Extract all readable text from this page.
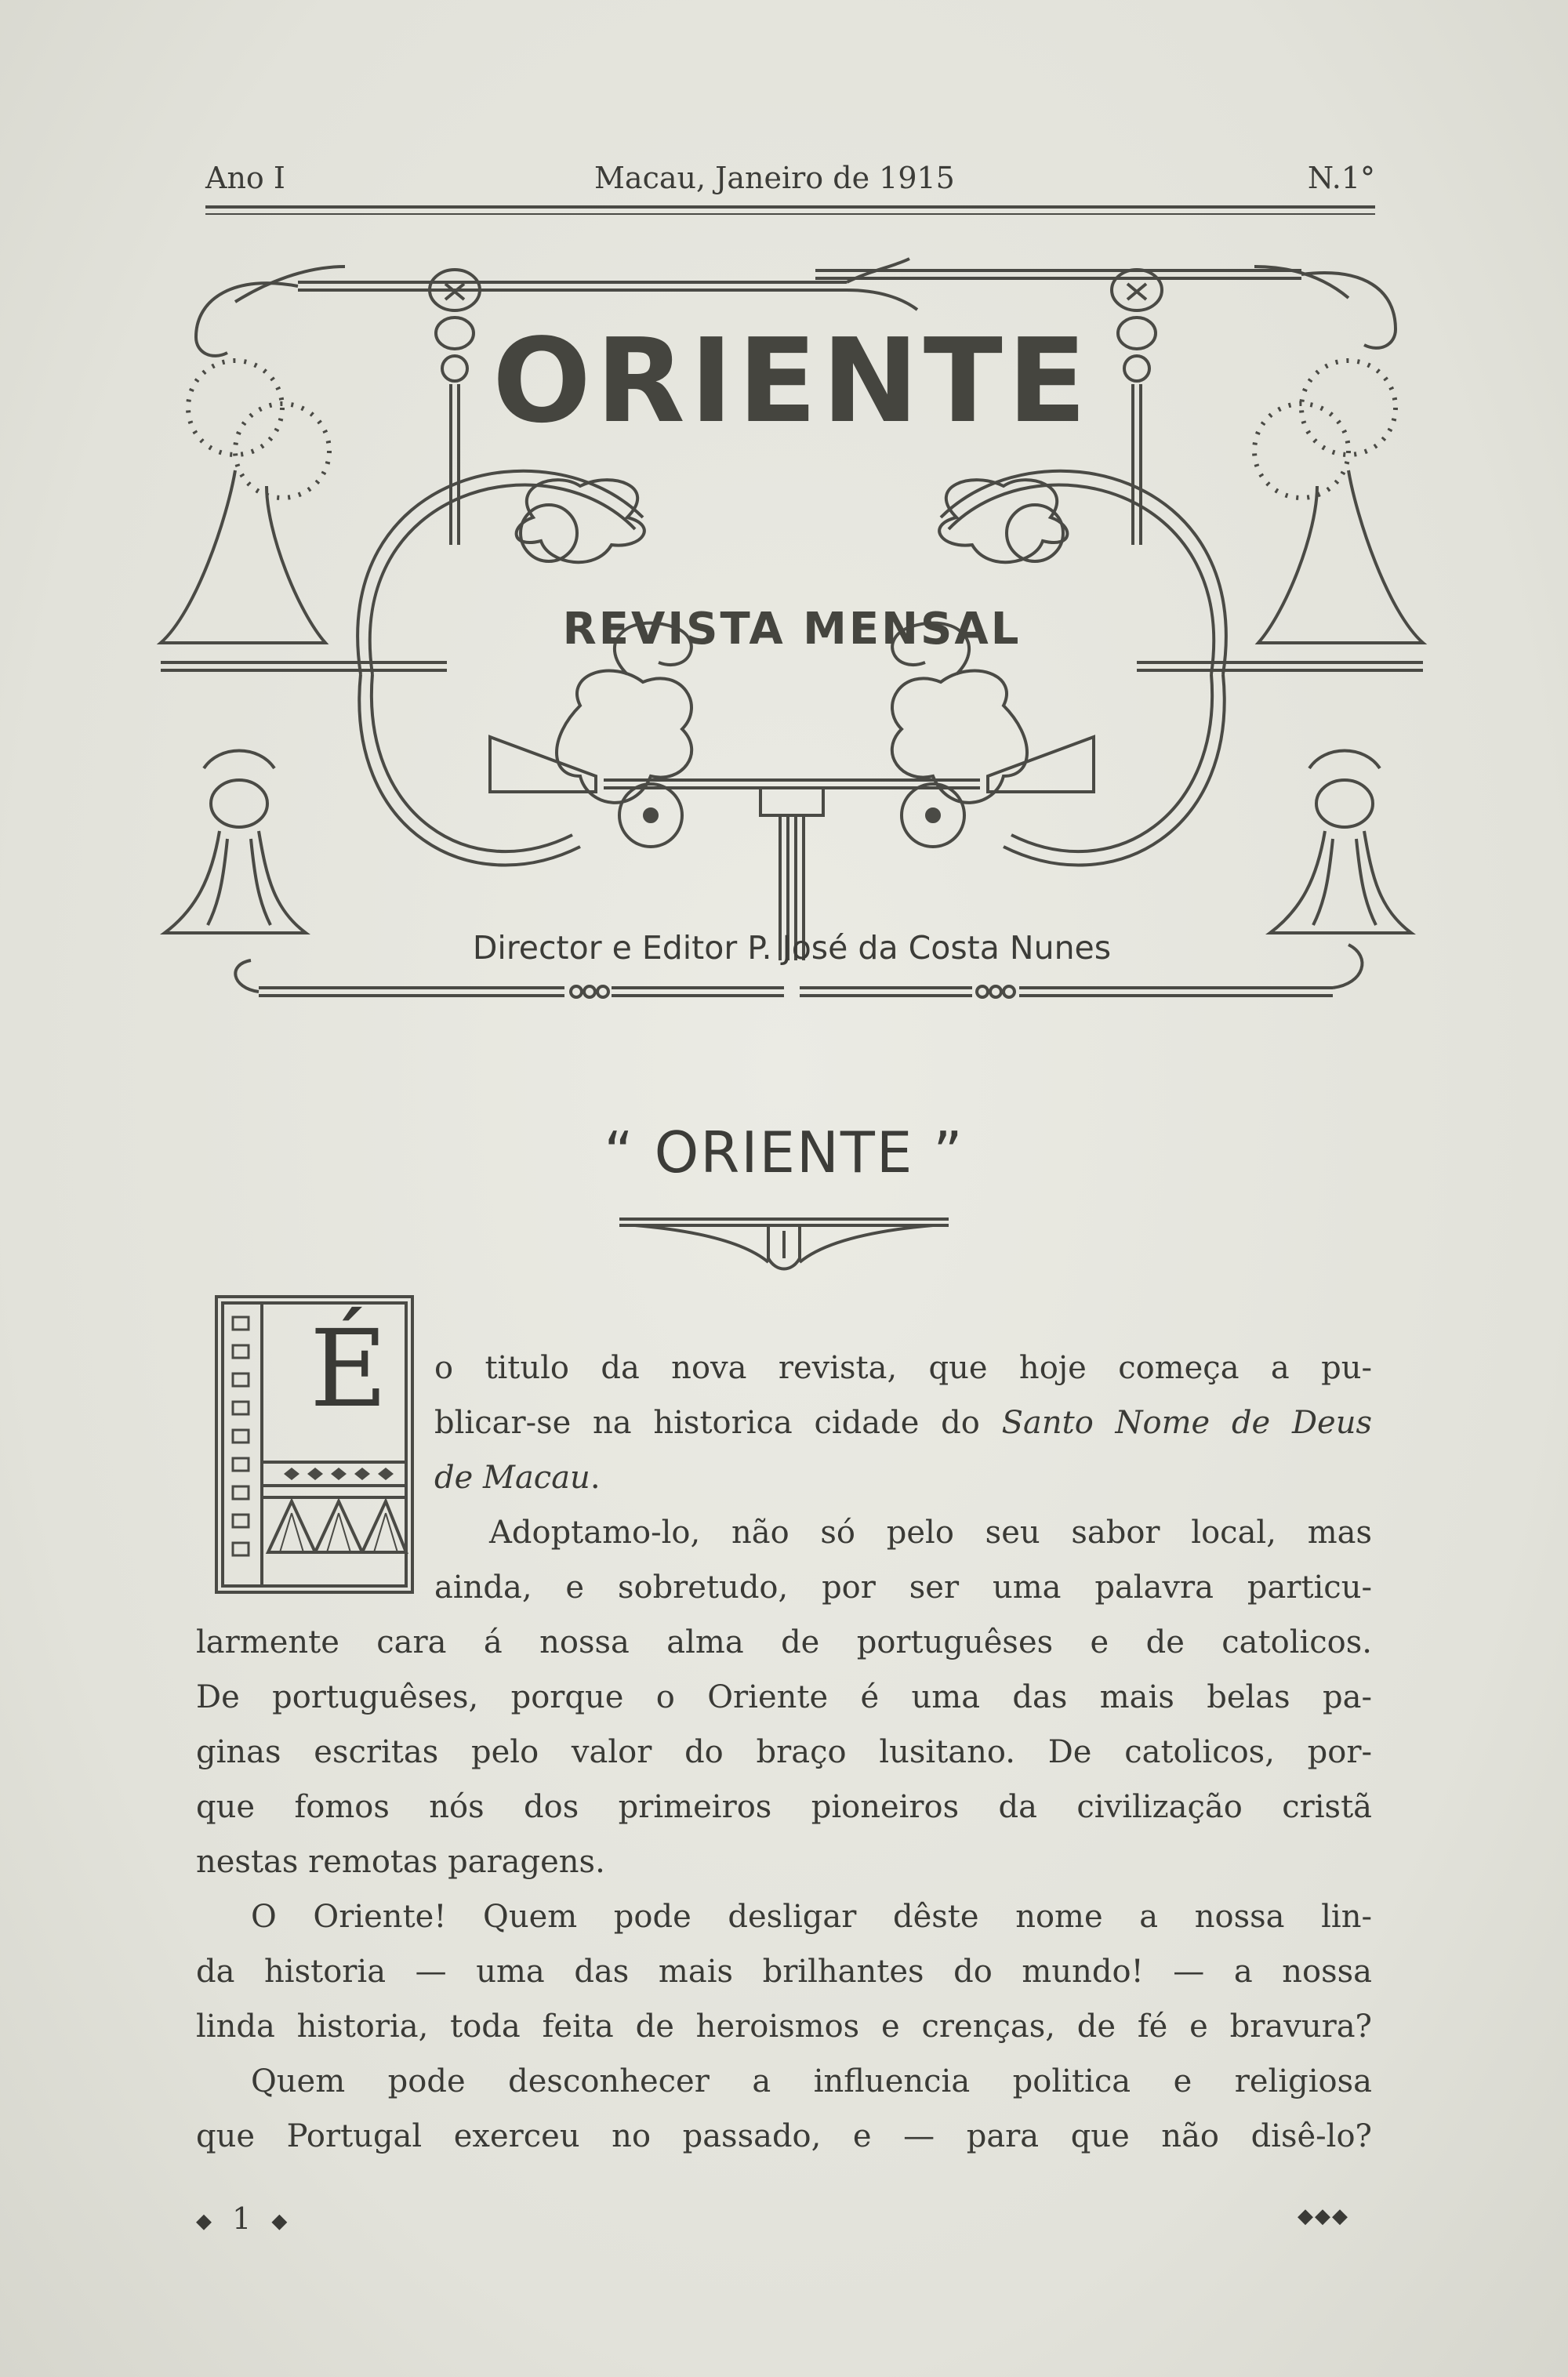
Ano I	Macau, Janeiro de 1915	N.1°
ORIENTE
REVISTA MENSAL
Director e Editor P. José da Costa Nunes
“ ORIENTE ”
É o titulo da nova revista, que hoje começa a pu-
blicar-se na historica cidade do Santo Nome de Deus
de Macau.
Adoptamo-lo, não só pelo seu sabor local, mas
ainda, e sobretudo, por ser uma palavra particu-
larmente cara á nossa alma de portuguêses e de catolicos.
De portuguêses, porque o Oriente é uma das mais belas pa-
ginas escritas pelo valor do braço lusitano. De catolicos, por-
que fomos nós dos primeiros pioneiros da civilização cristã
nestas remotas paragens.
O Oriente! Quem pode desligar dêste nome a nossa lin-
da historia — uma das mais brilhantes do mundo! — a nossa
linda historia, toda feita de heroismos e crenças, de fé e bravura?
Quem pode desconhecer a influencia politica e religiosa
que Portugal exerceu no passado, e — para que não disê-lo?
◆ 1 ◆	◆◆◆
